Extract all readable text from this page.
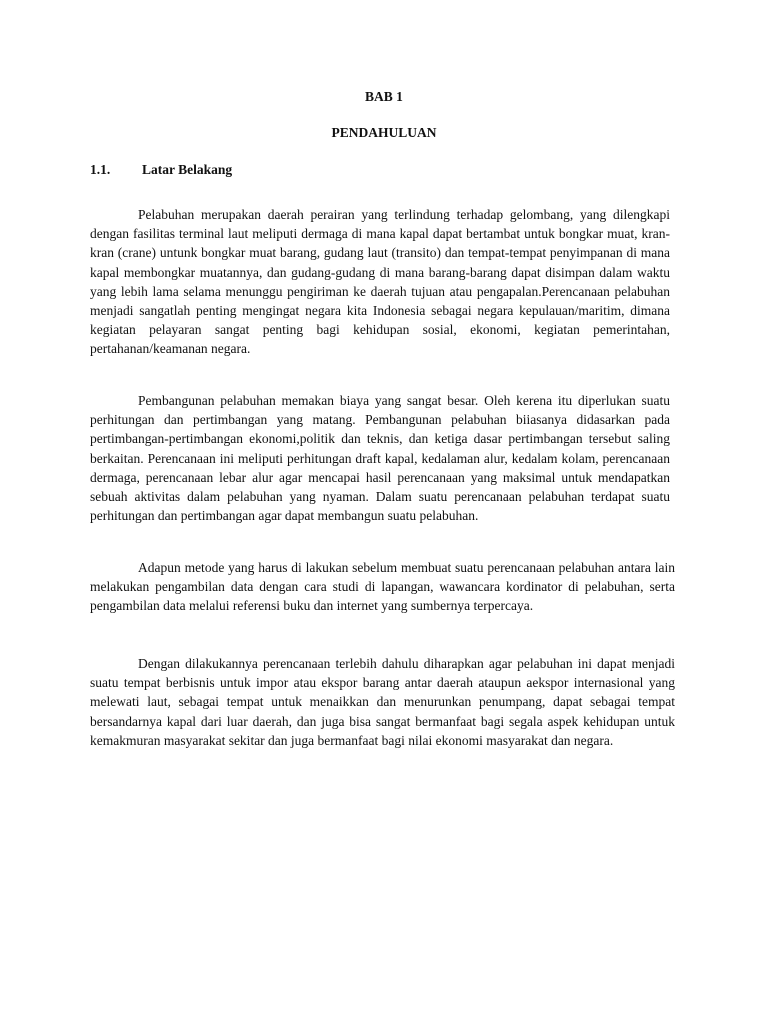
BAB 1
PENDAHULUAN
1.1. Latar Belakang

Pelabuhan merupakan daerah perairan yang terlindung terhadap gelombang, yang dilengkapi dengan fasilitas terminal laut meliputi dermaga di mana kapal dapat bertambat untuk bongkar muat, kran-kran (crane) untunk bongkar muat barang, gudang laut (transito) dan tempat-tempat penyimpanan di mana kapal membongkar muatannya, dan gudang-gudang di mana barang-barang dapat disimpan dalam waktu yang lebih lama selama menunggu pengiriman ke daerah tujuan atau pengapalan.Perencanaan pelabuhan menjadi sangatlah penting mengingat negara kita Indonesia sebagai negara kepulauan/maritim, dimana kegiatan pelayaran sangat penting bagi kehidupan sosial, ekonomi, kegiatan pemerintahan, pertahanan/keamanan negara.

Pembangunan pelabuhan memakan biaya yang sangat besar. Oleh kerena itu diperlukan suatu perhitungan dan pertimbangan yang matang. Pembangunan pelabuhan biiasanya didasarkan pada pertimbangan-pertimbangan ekonomi,politik dan teknis, dan ketiga dasar pertimbangan tersebut saling berkaitan. Perencanaan ini meliputi perhitungan draft kapal, kedalaman alur, kedalam kolam, perencanaan dermaga, perencanaan lebar alur agar mencapai hasil perencanaan yang maksimal untuk mendapatkan sebuah aktivitas dalam pelabuhan yang nyaman. Dalam suatu perencanaan pelabuhan terdapat suatu perhitungan dan pertimbangan agar dapat membangun suatu pelabuhan.

Adapun metode yang harus di lakukan sebelum membuat suatu perencanaan pelabuhan antara lain melakukan pengambilan data dengan cara studi di lapangan, wawancara kordinator di pelabuhan, serta pengambilan data melalui referensi buku dan internet yang sumbernya terpercaya.

Dengan dilakukannya perencanaan terlebih dahulu diharapkan agar pelabuhan ini dapat menjadi suatu tempat berbisnis untuk impor atau ekspor barang antar daerah ataupun aekspor internasional yang melewati laut, sebagai tempat untuk menaikkan dan menurunkan penumpang, dapat sebagai tempat bersandarnya kapal dari luar daerah, dan juga bisa sangat bermanfaat bagi segala aspek kehidupan untuk kemakmuran masyarakat sekitar dan juga bermanfaat bagi nilai ekonomi masyarakat dan negara.
